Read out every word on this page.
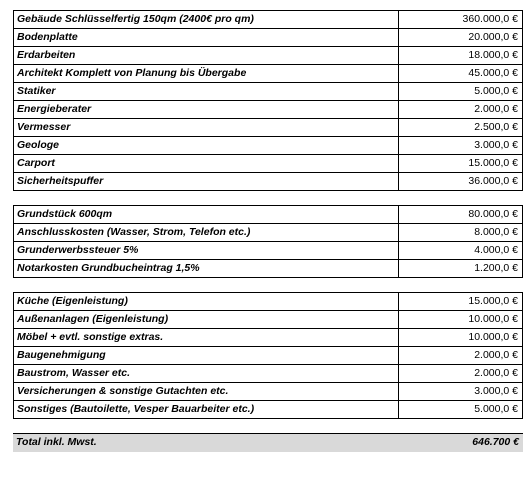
Gebäude Schlüsselfertig 150qm (2400€ pro qm)	360.000,0 €
Bodenplatte	20.000,0 €
Erdarbeiten	18.000,0 €
Architekt Komplett von Planung bis Übergabe	45.000,0 €
Statiker	5.000,0 €
Energieberater	2.000,0 €
Vermesser	2.500,0 €
Geologe	3.000,0 €
Carport	15.000,0 €
Sicherheitspuffer	36.000,0 €
Grundstück 600qm	80.000,0 €
Anschlusskosten (Wasser, Strom, Telefon etc.)	8.000,0 €
Grunderwerbssteuer 5%	4.000,0 €
Notarkosten Grundbucheintrag 1,5%	1.200,0 €
Küche (Eigenleistung)	15.000,0 €
Außenanlagen (Eigenleistung)	10.000,0 €
Möbel + evtl. sonstige extras.	10.000,0 €
Baugenehmigung	2.000,0 €
Baustrom, Wasser etc.	2.000,0 €
Versicherungen & sonstige Gutachten etc.	3.000,0 €
Sonstiges (Bautoilette, Vesper Bauarbeiter etc.)	5.000,0 €
Total inkl. Mwst.	646.700 €
